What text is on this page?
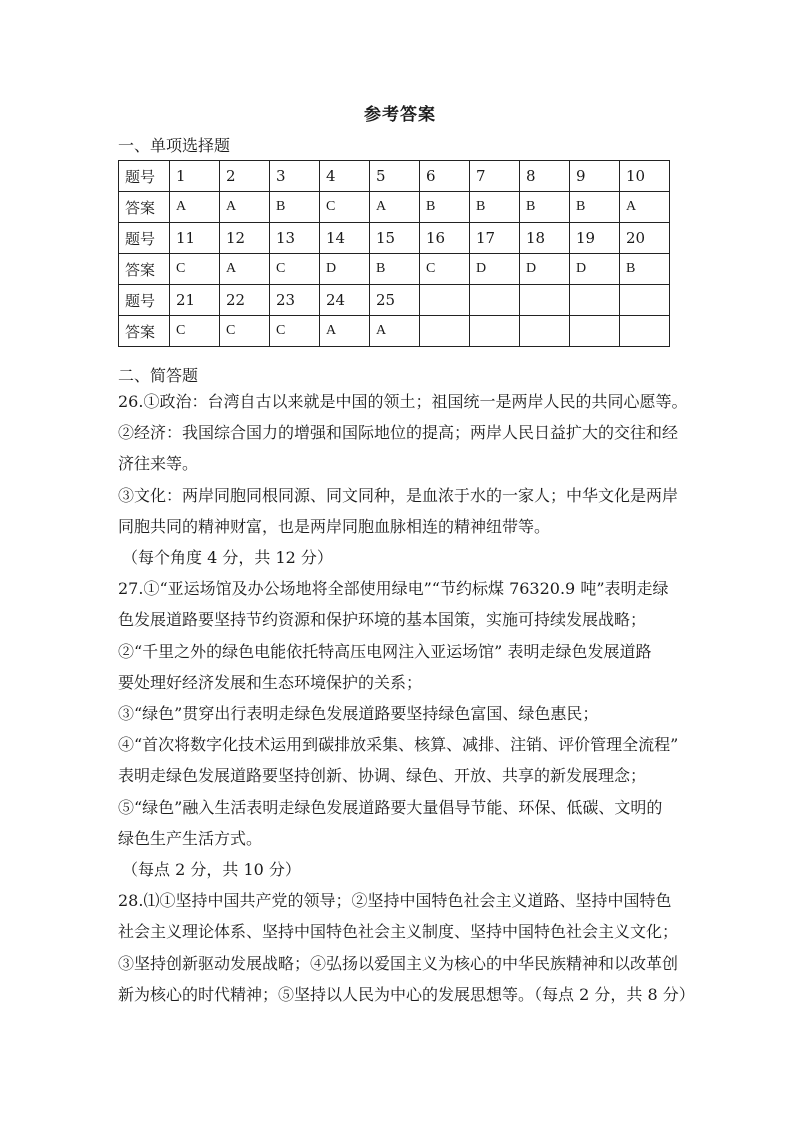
参考答案
一、单项选择题
题号	1	2	3	4	5	6	7	8	9	10
答案	A	A	B	C	A	B	B	B	B	A
题号	11	12	13	14	15	16	17	18	19	20
答案	C	A	C	D	B	C	D	D	D	B
题号	21	22	23	24	25					
答案	C	C	C	A	A					
二、简答题

26.①政治：台湾自古以来就是中国的领土；祖国统一是两岸人民的共同心愿等。

②经济：我国综合国力的增强和国际地位的提高；两岸人民日益扩大的交往和经

济往来等。

③文化：两岸同胞同根同源、同文同种，是血浓于水的一家人；中华文化是两岸

同胞共同的精神财富，也是两岸同胞血脉相连的精神纽带等。

（每个角度 4 分，共 12 分）

27.①“亚运场馆及办公场地将全部使用绿电”“节约标煤 76320.9 吨”表明走绿

色发展道路要坚持节约资源和保护环境的基本国策，实施可持续发展战略；

②“千里之外的绿色电能依托特高压电网注入亚运场馆” 表明走绿色发展道路

要处理好经济发展和生态环境保护的关系；

③“绿色”贯穿出行表明走绿色发展道路要坚持绿色富国、绿色惠民；

④“首次将数字化技术运用到碳排放采集、核算、减排、注销、评价管理全流程”

表明走绿色发展道路要坚持创新、协调、绿色、开放、共享的新发展理念；

⑤“绿色”融入生活表明走绿色发展道路要大量倡导节能、环保、低碳、文明的

绿色生产生活方式。

（每点 2 分，共 10 分）

28.⑴①坚持中国共产党的领导；②坚持中国特色社会主义道路、坚持中国特色

社会主义理论体系、坚持中国特色社会主义制度、坚持中国特色社会主义文化；

③坚持创新驱动发展战略；④弘扬以爱国主义为核心的中华民族精神和以改革创

新为核心的时代精神；⑤坚持以人民为中心的发展思想等。（每点 2 分，共 8 分）
